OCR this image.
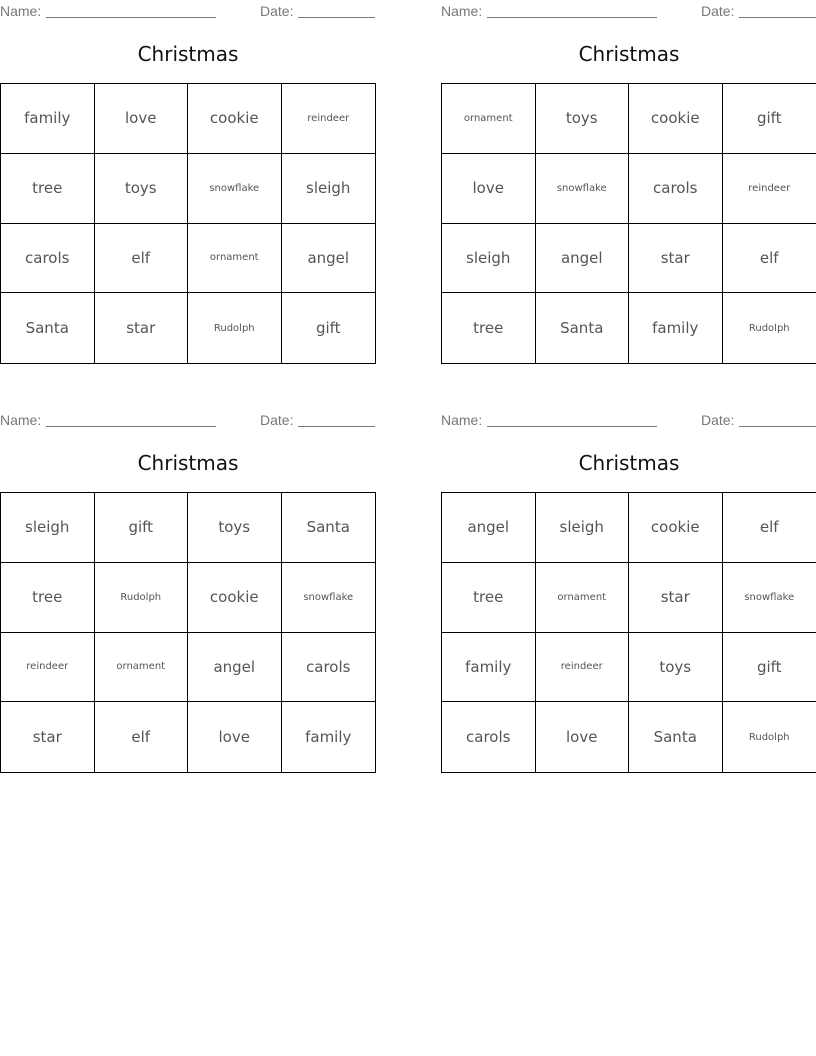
Name:	Date:
Christmas
family	love	cookie	reindeer
tree	toys	snowflake	sleigh
carols	elf	ornament	angel
Santa	star	Rudolph	gift
Name:	Date:
Christmas
ornament	toys	cookie	gift
love	snowflake	carols	reindeer
sleigh	angel	star	elf
tree	Santa	family	Rudolph
Name:	Date:
Christmas
sleigh	gift	toys	Santa
tree	Rudolph	cookie	snowflake
reindeer	ornament	angel	carols
star	elf	love	family
Name:	Date:
Christmas
angel	sleigh	cookie	elf
tree	ornament	star	snowflake
family	reindeer	toys	gift
carols	love	Santa	Rudolph
